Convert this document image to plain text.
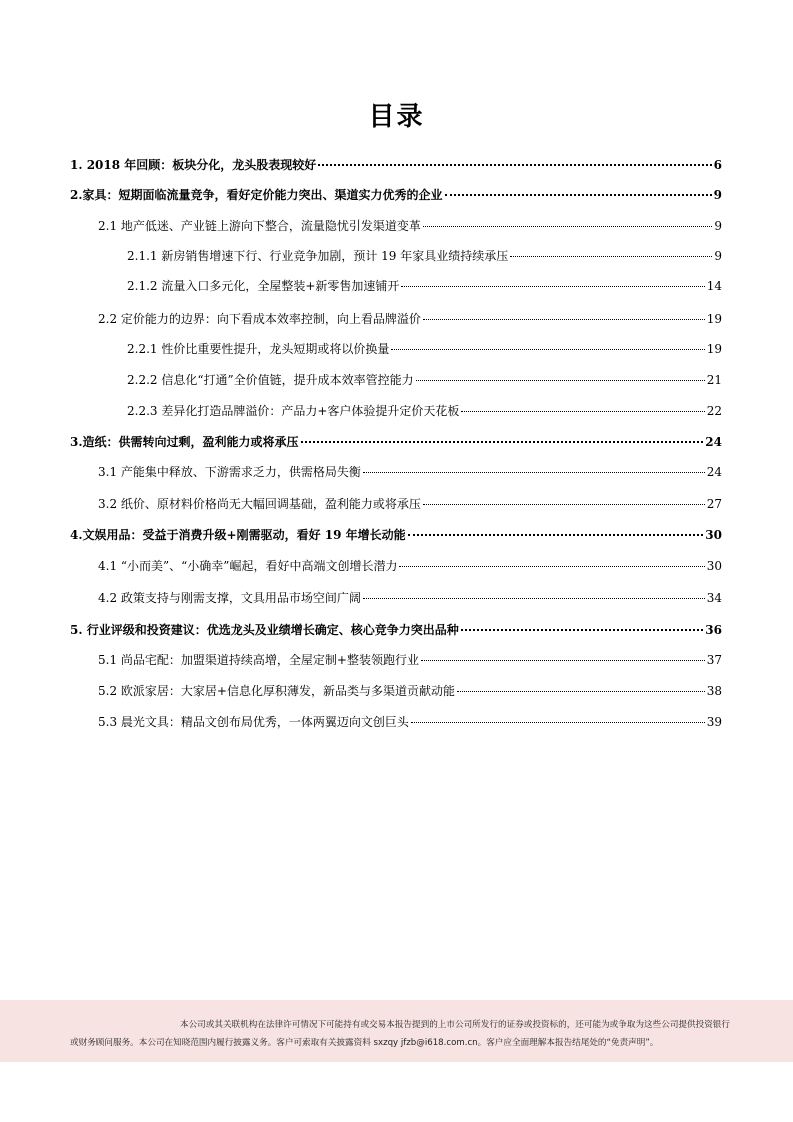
目录
1. 2018 年回顾：板块分化，龙头股表现较好	6
2.家具：短期面临流量竞争，看好定价能力突出、渠道实力优秀的企业	9
2.1 地产低迷、产业链上游向下整合，流量隐忧引发渠道变革	9
2.1.1 新房销售增速下行、行业竞争加剧，预计 19 年家具业绩持续承压	9
2.1.2 流量入口多元化，全屋整装+新零售加速铺开	14
2.2 定价能力的边界：向下看成本效率控制，向上看品牌溢价	19
2.2.1 性价比重要性提升，龙头短期或将以价换量	19
2.2.2 信息化“打通”全价值链，提升成本效率管控能力	21
2.2.3 差异化打造品牌溢价：产品力+客户体验提升定价天花板	22
3.造纸：供需转向过剩，盈利能力或将承压	24
3.1 产能集中释放、下游需求乏力，供需格局失衡	24
3.2 纸价、原材料价格尚无大幅回调基础，盈利能力或将承压	27
4.文娱用品：受益于消费升级+刚需驱动，看好 19 年增长动能	30
4.1 “小而美”、“小确幸”崛起，看好中高端文创增长潜力	30
4.2 政策支持与刚需支撑，文具用品市场空间广阔	34
5. 行业评级和投资建议：优选龙头及业绩增长确定、核心竞争力突出品种	36
5.1 尚品宅配：加盟渠道持续高增，全屋定制+整装领跑行业	37
5.2 欧派家居：大家居+信息化厚积薄发，新品类与多渠道贡献动能	38
5.3 晨光文具：精品文创布局优秀，一体两翼迈向文创巨头	39
本公司或其关联机构在法律许可情况下可能持有或交易本报告提到的上市公司所发行的证券或投资标的，还可能为或争取为这些公司提供投资银行
或财务顾问服务。本公司在知晓范围内履行披露义务。客户可索取有关披露资料 sxzqy jfzb@i618.com.cn。客户应全面理解本报告结尾处的“免责声明”。
